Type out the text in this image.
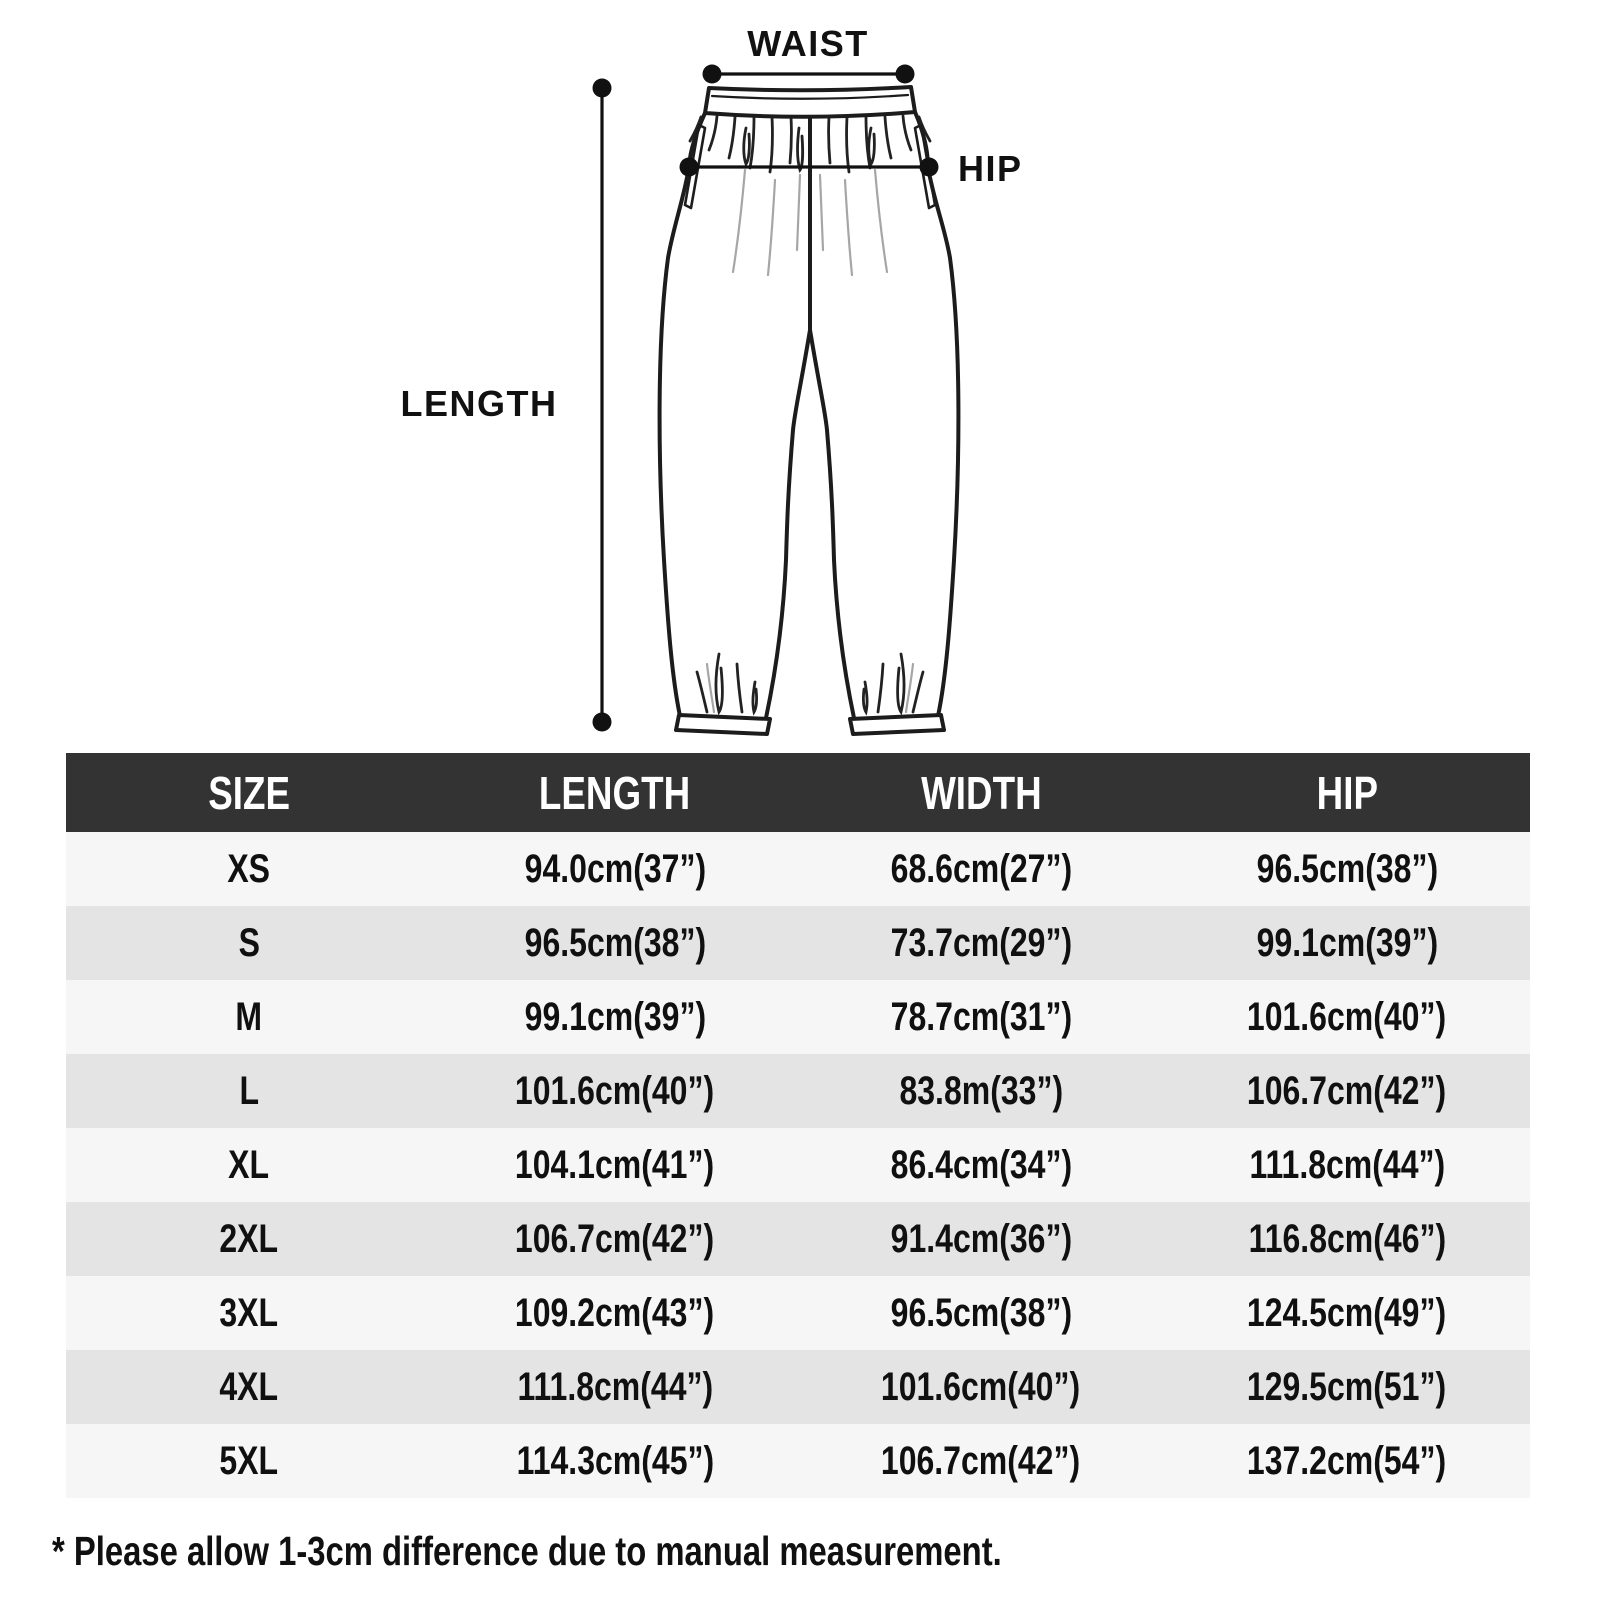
WAIST
HIP
LENGTH
SIZE	LENGTH	WIDTH	HIP
XS	94.0cm(37”)	68.6cm(27”)	96.5cm(38”)
S	96.5cm(38”)	73.7cm(29”)	99.1cm(39”)
M	99.1cm(39”)	78.7cm(31”)	101.6cm(40”)
L	101.6cm(40”)	83.8m(33”)	106.7cm(42”)
XL	104.1cm(41”)	86.4cm(34”)	111.8cm(44”)
2XL	106.7cm(42”)	91.4cm(36”)	116.8cm(46”)
3XL	109.2cm(43”)	96.5cm(38”)	124.5cm(49”)
4XL	111.8cm(44”)	101.6cm(40”)	129.5cm(51”)
5XL	114.3cm(45”)	106.7cm(42”)	137.2cm(54”)
* Please allow 1-3cm difference due to manual measurement.
